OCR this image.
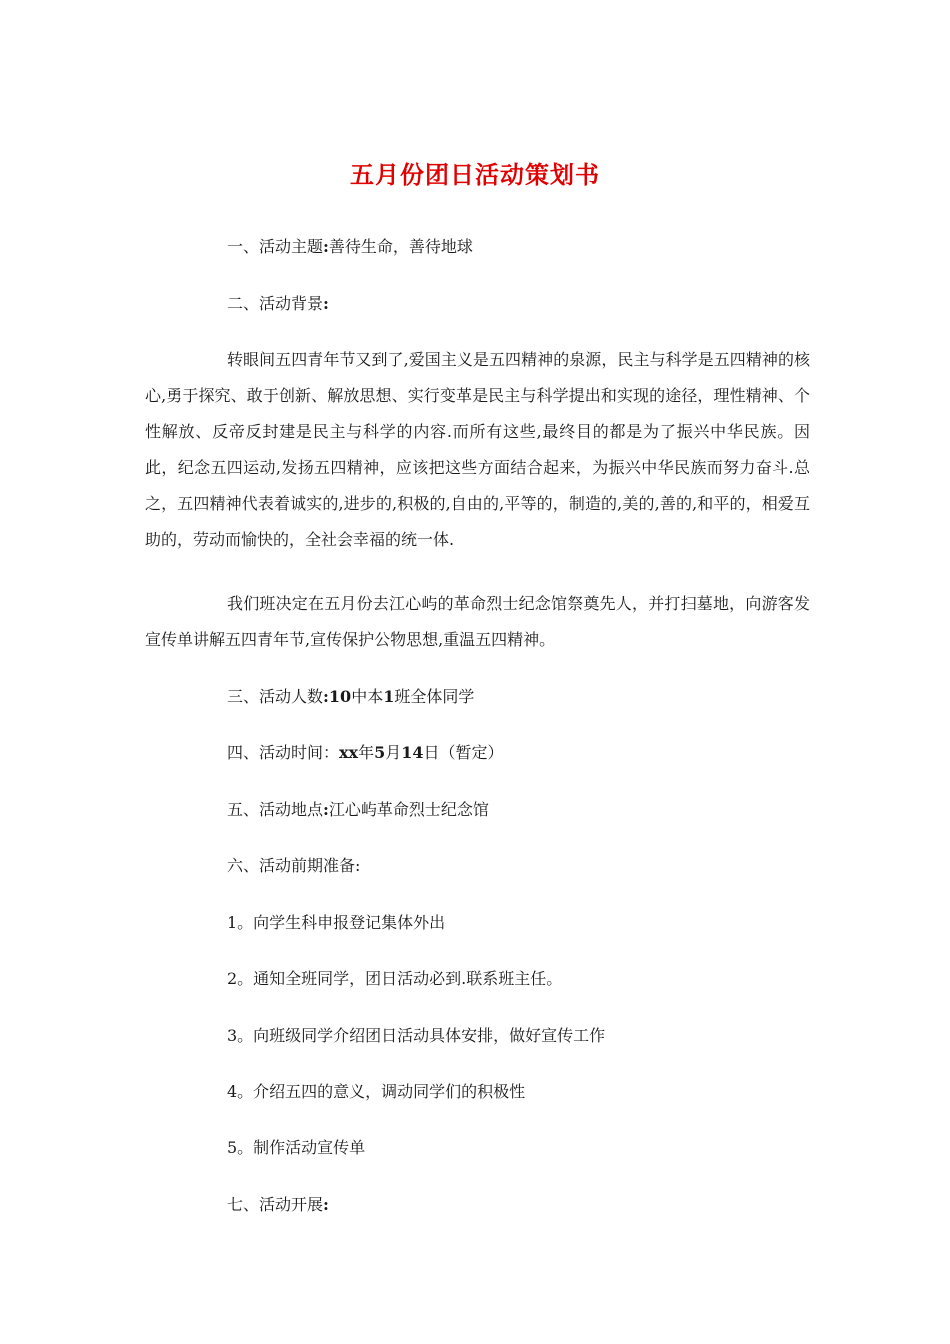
五月份团日活动策划书
一、活动主题:善待生命，善待地球
二、活动背景:
转眼间五四青年节又到了,爱国主义是五四精神的泉源，民主与科学是五四精神的核心,勇于探究、敢于创新、解放思想、实行变革是民主与科学提出和实现的途径，理性精神、个性解放、反帝反封建是民主与科学的内容.而所有这些,最终目的都是为了振兴中华民族。因此，纪念五四运动,发扬五四精神，应该把这些方面结合起来，为振兴中华民族而努力奋斗.总之，五四精神代表着诚实的,进步的,积极的,自由的,平等的，制造的,美的,善的,和平的，相爱互助的，劳动而愉快的，全社会幸福的统一体.
我们班决定在五月份去江心屿的革命烈士纪念馆祭奠先人，并打扫墓地，向游客发宣传单讲解五四青年节,宣传保护公物思想,重温五四精神。
三、活动人数:10中本1班全体同学
四、活动时间：xx年5月14日（暂定）
五、活动地点:江心屿革命烈士纪念馆
六、活动前期准备:
1。向学生科申报登记集体外出
2。通知全班同学，团日活动必到.联系班主任。
3。向班级同学介绍团日活动具体安排，做好宣传工作
4。介绍五四的意义，调动同学们的积极性
5。制作活动宣传单
七、活动开展:
